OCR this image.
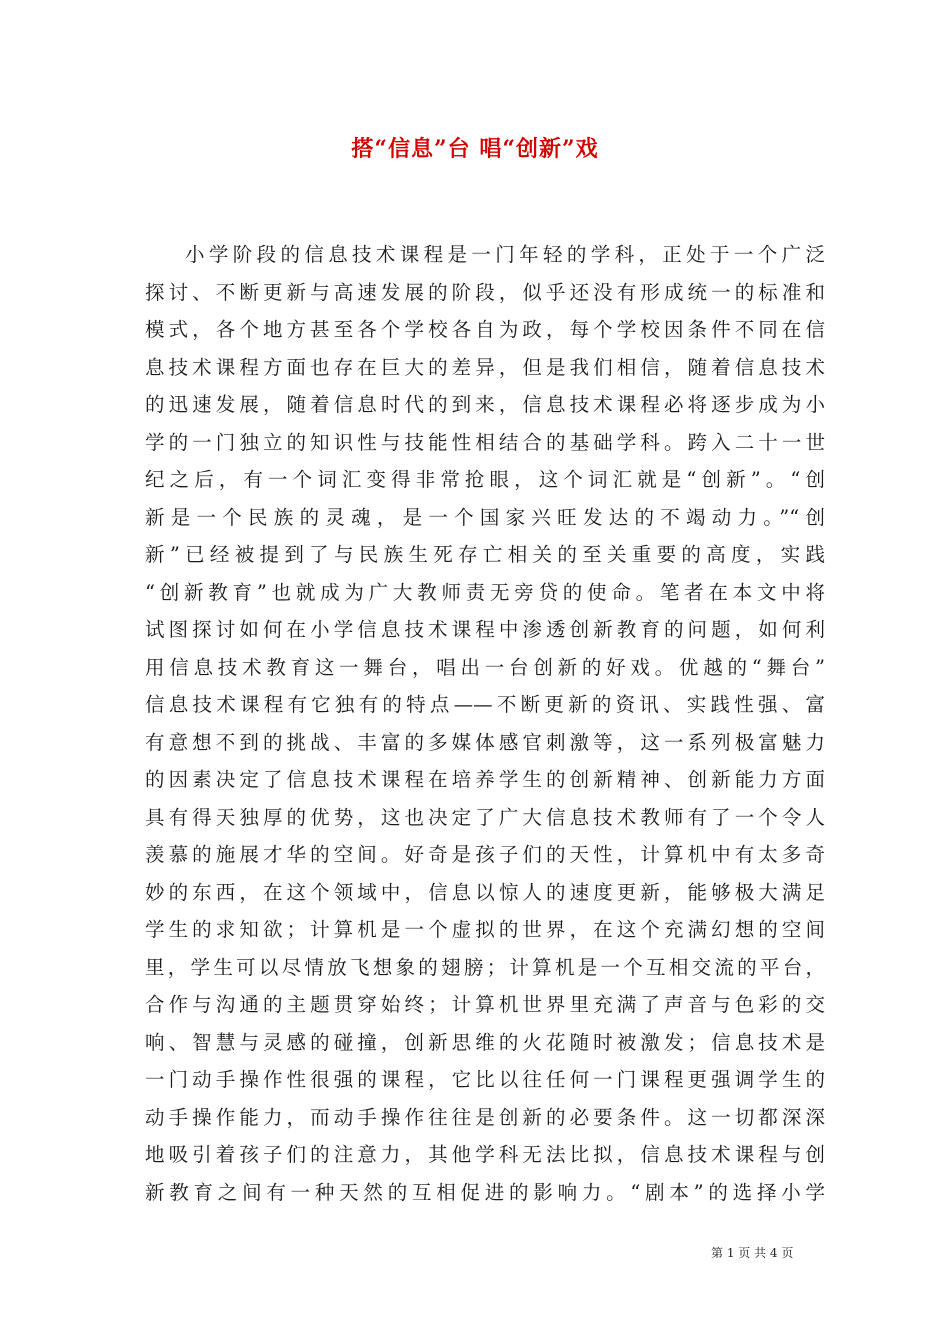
搭“信息”台 唱“创新”戏
小学阶段的信息技术课程是一门年轻的学科，正处于一个广泛
探讨、不断更新与高速发展的阶段，似乎还没有形成统一的标准和
模式，各个地方甚至各个学校各自为政，每个学校因条件不同在信
息技术课程方面也存在巨大的差异，但是我们相信，随着信息技术
的迅速发展，随着信息时代的到来，信息技术课程必将逐步成为小
学的一门独立的知识性与技能性相结合的基础学科。跨入二十一世
纪之后，有一个词汇变得非常抢眼，这个词汇就是“创新”。“创
新是一个民族的灵魂，是一个国家兴旺发达的不竭动力。”“创
新”已经被提到了与民族生死存亡相关的至关重要的高度，实践
“创新教育”也就成为广大教师责无旁贷的使命。笔者在本文中将
试图探讨如何在小学信息技术课程中渗透创新教育的问题，如何利
用信息技术教育这一舞台，唱出一台创新的好戏。优越的“舞台”
信息技术课程有它独有的特点——不断更新的资讯、实践性强、富
有意想不到的挑战、丰富的多媒体感官刺激等，这一系列极富魅力
的因素决定了信息技术课程在培养学生的创新精神、创新能力方面
具有得天独厚的优势，这也决定了广大信息技术教师有了一个令人
羡慕的施展才华的空间。好奇是孩子们的天性，计算机中有太多奇
妙的东西，在这个领域中，信息以惊人的速度更新，能够极大满足
学生的求知欲；计算机是一个虚拟的世界，在这个充满幻想的空间
里，学生可以尽情放飞想象的翅膀；计算机是一个互相交流的平台，
合作与沟通的主题贯穿始终；计算机世界里充满了声音与色彩的交
响、智慧与灵感的碰撞，创新思维的火花随时被激发；信息技术是
一门动手操作性很强的课程，它比以往任何一门课程更强调学生的
动手操作能力，而动手操作往往是创新的必要条件。这一切都深深
地吸引着孩子们的注意力，其他学科无法比拟，信息技术课程与创
新教育之间有一种天然的互相促进的影响力。“剧本”的选择小学
第 1 页 共 4 页
